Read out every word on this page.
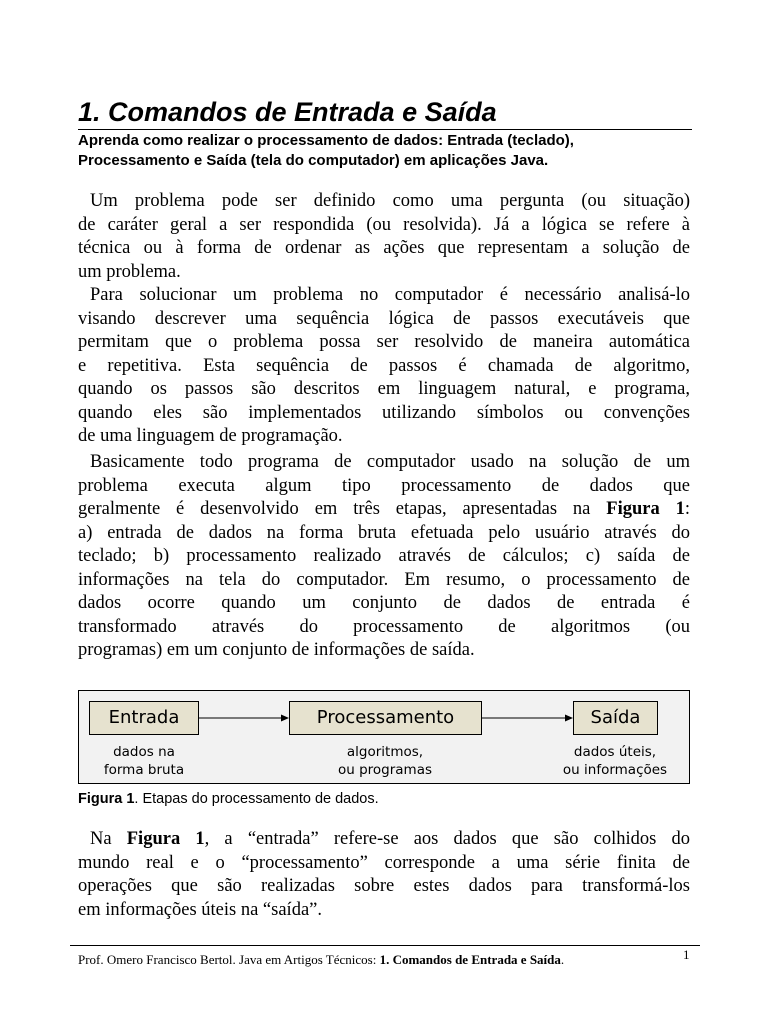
1. Comandos de Entrada e Saída

Aprenda como realizar o processamento de dados: Entrada (teclado),
Processamento e Saída (tela do computador) em aplicações Java.

Um problema pode ser definido como uma pergunta (ou situação)
de caráter geral a ser respondida (ou resolvida). Já a lógica se refere à
técnica ou à forma de ordenar as ações que representam a solução de
um problema.
Para solucionar um problema no computador é necessário analisá-lo
visando descrever uma sequência lógica de passos executáveis que
permitam que o problema possa ser resolvido de maneira automática
e repetitiva. Esta sequência de passos é chamada de algoritmo,
quando os passos são descritos em linguagem natural, e programa,
quando eles são implementados utilizando símbolos ou convenções
de uma linguagem de programação.
Basicamente todo programa de computador usado na solução de um
problema executa algum tipo processamento de dados que
geralmente é desenvolvido em três etapas, apresentadas na Figura 1:
a) entrada de dados na forma bruta efetuada pelo usuário através do
teclado; b) processamento realizado através de cálculos; c) saída de
informações na tela do computador. Em resumo, o processamento de
dados ocorre quando um conjunto de dados de entrada é
transformado através do processamento de algoritmos (ou
programas) em um conjunto de informações de saída.
Entrada	Processamento	Saída
dados na
forma bruta
algoritmos,
ou programas
dados úteis,
ou informações

Figura 1. Etapas do processamento de dados.

Na Figura 1, a “entrada” refere-se aos dados que são colhidos do
mundo real e o “processamento” corresponde a uma série finita de
operações que são realizadas sobre estes dados para transformá-los
em informações úteis na “saída”.

Prof. Omero Francisco Bertol. Java em Artigos Técnicos: 1. Comandos de Entrada e Saída.	1
